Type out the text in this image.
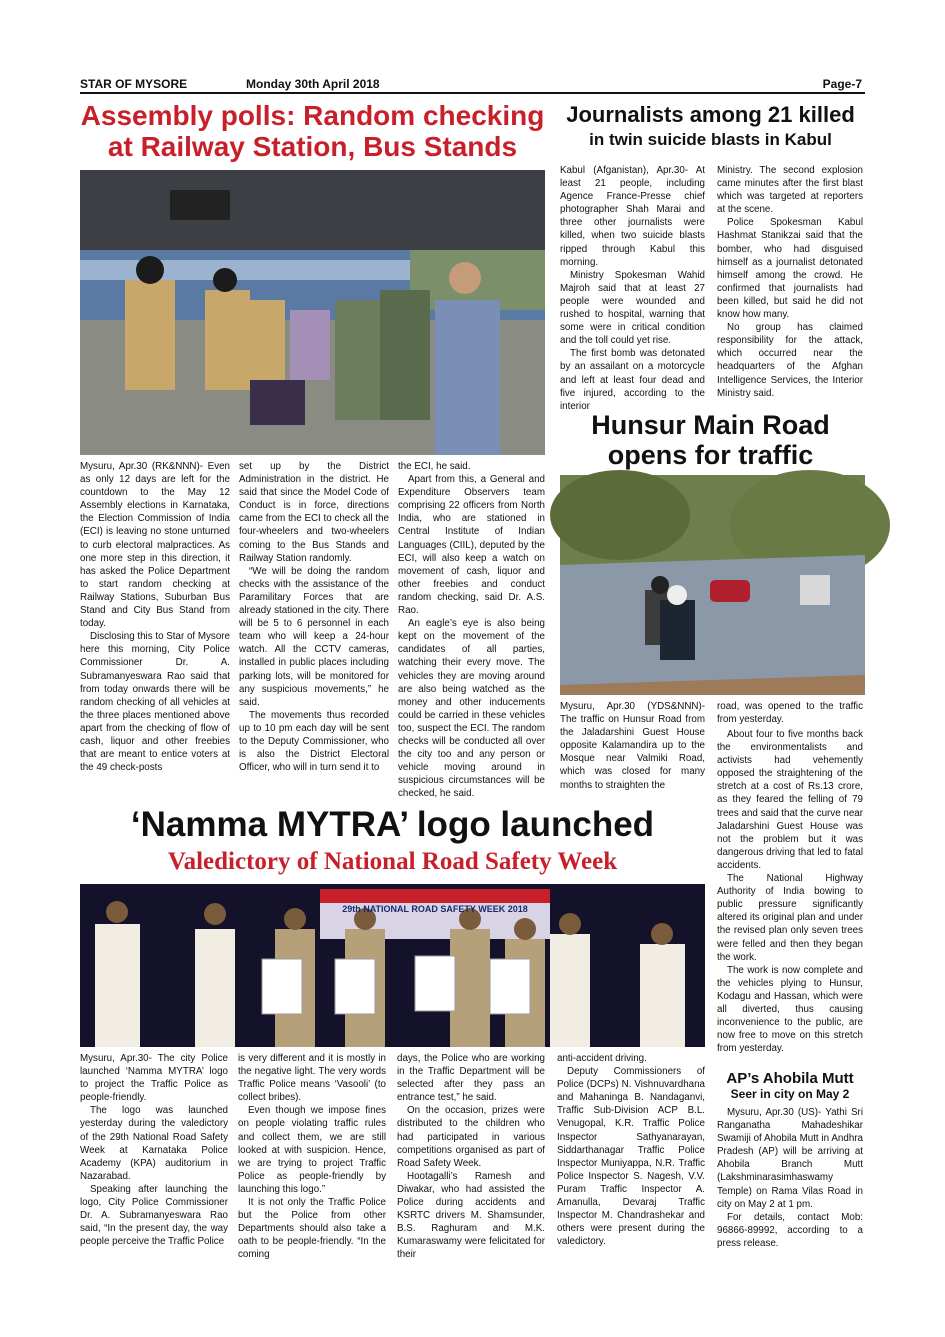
STAR OF MYSORE	Monday 30th April 2018	Page-7
Assembly polls: Random checking
at Railway Station, Bus Stands

Mysuru, Apr.30 (RK&NNN)- Even as only 12 days are left for the countdown to the May 12 Assembly elections in Karnataka, the Election Commission of India (ECI) is leaving no stone unturned to curb electoral malpractices. As one more step in this direction, it has asked the Police Department to start random checking at Railway Stations, Suburban Bus Stand and City Bus Stand from today.

Disclosing this to Star of Mysore here this morning, City Police Commissioner Dr. A. Subramanyeswara Rao said that from today onwards there will be random checking of all vehicles at the three places mentioned above apart from the checking of flow of cash, liquor and other freebies that are meant to entice voters at the 49 check-posts

set up by the District Administration in the district. He said that since the Model Code of Conduct is in force, directions came from the ECI to check all the four-wheelers and two-wheelers coming to the Bus Stands and Railway Station randomly.

“We will be doing the random checks with the assistance of the Paramilitary Forces that are already stationed in the city. There will be 5 to 6 personnel in each team who will keep a 24-hour watch. All the CCTV cameras, installed in public places including parking lots, will be monitored for any suspicious movements,” he said.

The movements thus recorded up to 10 pm each day will be sent to the Deputy Commissioner, who is also the District Electoral Officer, who will in turn send it to

the ECI, he said.

Apart from this, a General and Expenditure Observers team comprising 22 officers from North India, who are stationed in Central Institute of Indian Languages (CIIL), deputed by the ECI, will also keep a watch on movement of cash, liquor and other freebies and conduct random checking, said Dr. A.S. Rao.

An eagle’s eye is also being kept on the movement of the candidates of all parties, watching their every move. The vehicles they are moving around are also being watched as the money and other inducements could be carried in these vehicles too, suspect the ECI. The random checks will be conducted all over the city too and any person or vehicle moving around in suspicious circumstances will be checked, he said.

Journalists among 21 killed
in twin suicide blasts in Kabul

Kabul (Afganistan), Apr.30- At least 21 people, including Agence France-Presse chief photographer Shah Marai and three other journalists were killed, when two suicide blasts ripped through Kabul this morning.

Ministry Spokesman Wahid Majroh said that at least 27 people were wounded and rushed to hospital, warning that some were in critical condition and the toll could yet rise.

The first bomb was detonated by an assailant on a motorcycle and left at least four dead and five injured, according to the interior

Ministry. The second explosion came minutes after the first blast which was targeted at reporters at the scene.

Police Spokesman Kabul Hashmat Stanikzai said that the bomber, who had disguised himself as a journalist detonated himself among the crowd. He confirmed that journalists had been killed, but said he did not know how many.

No group has claimed responsibility for the attack, which occurred near the headquarters of the Afghan Intelligence Services, the Interior Ministry said.

Hunsur Main Road
opens for traffic

Mysuru, Apr.30 (YDS&NNN)- The traffic on Hunsur Road from the Jaladarshini Guest House opposite Kalamandira up to the Mosque near Valmiki Road, which was closed for many months to straighten the

road, was opened to the traffic from yesterday.

About four to five months back the environmentalists and activists had vehemently opposed the straightening of the stretch at a cost of Rs.13 crore, as they feared the felling of 79 trees and said that the curve near Jaladarshini Guest House was not the problem but it was dangerous driving that led to fatal accidents.

The National Highway Authority of India bowing to public pressure significantly altered its original plan and under the revised plan only seven trees were felled and then they began the work.

The work is now complete and the vehicles plying to Hunsur, Kodagu and Hassan, which were all diverted, thus causing inconvenience to the public, are now free to move on this stretch from yesterday.

‘Namma MYTRA’ logo launched
Valedictory of National Road Safety Week
29th NATIONAL ROAD SAFETY WEEK 2018

Mysuru, Apr.30- The city Police launched ‘Namma MYTRA’ logo to project the Traffic Police as people-friendly.

The logo was launched yesterday during the valedictory of the 29th National Road Safety Week at Karnataka Police Academy (KPA) auditorium in Nazarabad.

Speaking after launching the logo, City Police Commissioner Dr. A. Subramanyeswara Rao said, “In the present day, the way people perceive the Traffic Police

is very different and it is mostly in the negative light. The very words Traffic Police means ‘Vasooli’ (to collect bribes).

Even though we impose fines on people violating traffic rules and collect them, we are still looked at with suspicion. Hence, we are trying to project Traffic Police as people-friendly by launching this logo.”

It is not only the Traffic Police but the Police from other Departments should also take a oath to be people-friendly. “In the coming

days, the Police who are working in the Traffic Department will be selected after they pass an entrance test,” he said.

On the occasion, prizes were distributed to the children who had participated in various competitions organised as part of Road Safety Week.

Hootagalli’s Ramesh and Diwakar, who had assisted the Police during accidents and KSRTC drivers M. Shamsunder, B.S. Raghuram and M.K. Kumaraswamy were felicitated for their

anti-accident driving.

Deputy Commissioners of Police (DCPs) N. Vishnuvardhana and Mahaninga B. Nandaganvi, Traffic Sub-Division ACP B.L. Venugopal, K.R. Traffic Police Inspector Sathyanarayan, Siddarthanagar Traffic Police Inspector Muniyappa, N.R. Traffic Police Inspector S. Nagesh, V.V. Puram Traffic Inspector A. Amanulla, Devaraj Traffic Inspector M. Chandrashekar and others were present during the valedictory.

AP’s Ahobila Mutt
Seer in city on May 2

Mysuru, Apr.30 (US)- Yathi Sri Ranganatha Mahadeshikar Swamiji of Ahobila Mutt in Andhra Pradesh (AP) will be arriving at Ahobila Branch Mutt (Lakshminarasimhaswamy Temple) on Rama Vilas Road in city on May 2 at 1 pm.

For details, contact Mob: 96866-89992, according to a press release.
